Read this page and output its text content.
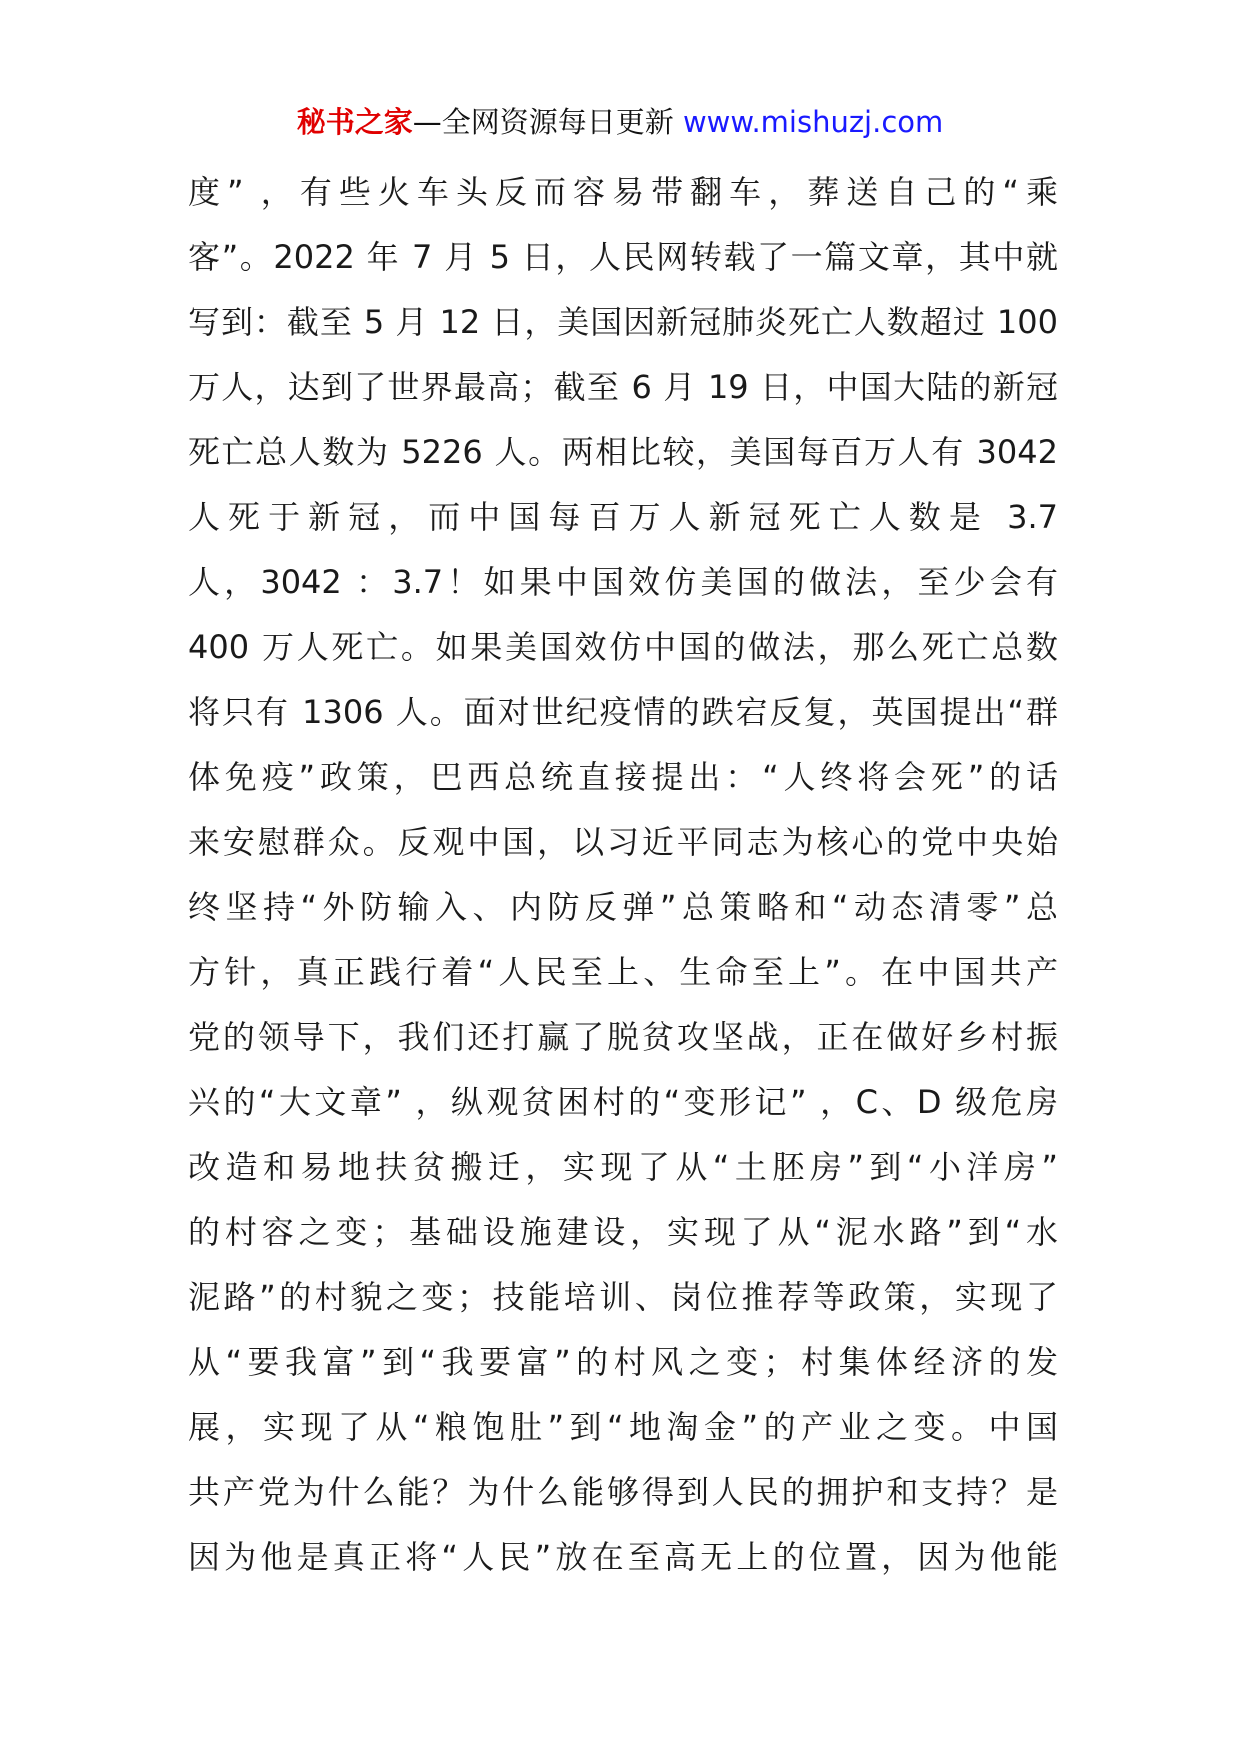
秘书之家—全网资源每日更新 www.mishuzj.com
度” ，有些火车头反而容易带翻车，葬送自己的“乘
客”。2022 年 7 月 5 日，人民网转载了一篇文章，其中就
写到：截至 5 月 12 日，美国因新冠肺炎死亡人数超过 100
万人，达到了世界最高；截至 6 月 19 日，中国大陆的新冠
死亡总人数为 5226 人。两相比较，美国每百万人有 3042
人死于新冠，而中国每百万人新冠死亡人数是 3.7
人，3042 ：3.7！如果中国效仿美国的做法，至少会有
400 万人死亡。如果美国效仿中国的做法，那么死亡总数
将只有 1306 人。面对世纪疫情的跌宕反复，英国提出“群
体免疫”政策，巴西总统直接提出：“人终将会死”的话
来安慰群众。反观中国，以习近平同志为核心的党中央始
终坚持“外防输入、内防反弹”总策略和“动态清零”总
方针，真正践行着“人民至上、生命至上”。在中国共产
党的领导下，我们还打赢了脱贫攻坚战，正在做好乡村振
兴的“大文章” ，纵观贫困村的“变形记” ，C、D 级危房
改造和易地扶贫搬迁，实现了从“土胚房”到“小洋房”
的村容之变；基础设施建设，实现了从“泥水路”到“水
泥路”的村貌之变；技能培训、岗位推荐等政策，实现了
从“要我富”到“我要富”的村风之变；村集体经济的发
展，实现了从“粮饱肚”到“地淘金”的产业之变。中国
共产党为什么能？为什么能够得到人民的拥护和支持？是
因为他是真正将“人民”放在至高无上的位置，因为他能
